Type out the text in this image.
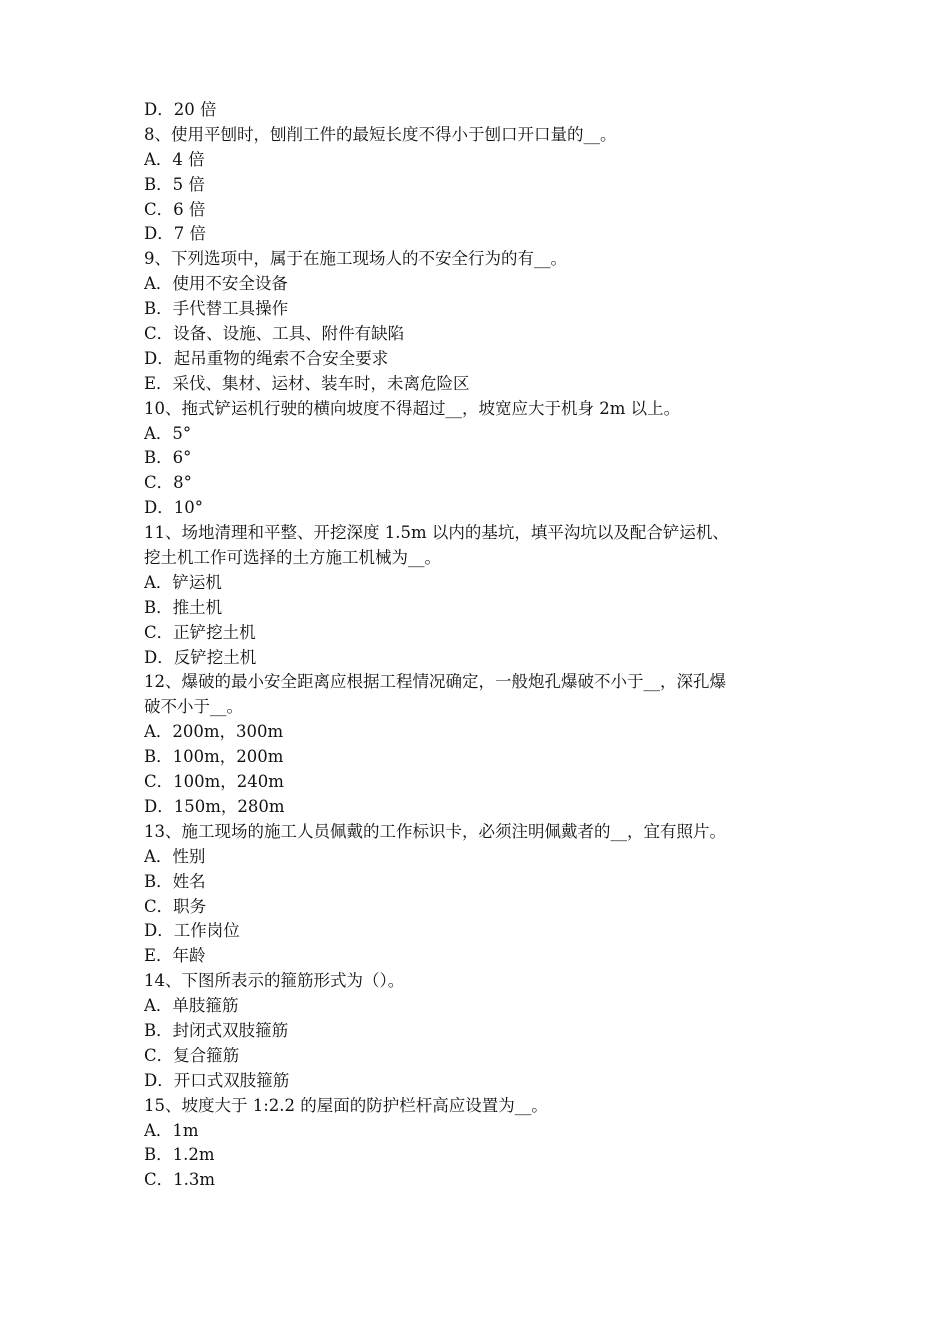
D．20 倍
8、使用平刨时，刨削工件的最短长度不得小于刨口开口量的__。
A．4 倍
B．5 倍
C．6 倍
D．7 倍
9、下列选项中，属于在施工现场人的不安全行为的有__。
A．使用不安全设备
B．手代替工具操作
C．设备、设施、工具、附件有缺陷
D．起吊重物的绳索不合安全要求
E．采伐、集材、运材、装车时，未离危险区
10、拖式铲运机行驶的横向坡度不得超过__，坡宽应大于机身 2m 以上。
A．5°
B．6°
C．8°
D．10°
11、场地清理和平整、开挖深度 1.5m 以内的基坑，填平沟坑以及配合铲运机、
挖土机工作可选择的土方施工机械为__。
A．铲运机
B．推土机
C．正铲挖土机
D．反铲挖土机
12、爆破的最小安全距离应根据工程情况确定，一般炮孔爆破不小于__，深孔爆
破不小于__。
A．200m，300m
B．100m，200m
C．100m，240m
D．150m，280m
13、施工现场的施工人员佩戴的工作标识卡，必须注明佩戴者的__，宜有照片。
A．性别
B．姓名
C．职务
D．工作岗位
E．年龄
14、下图所表示的箍筋形式为（）。
A．单肢箍筋
B．封闭式双肢箍筋
C．复合箍筋
D．开口式双肢箍筋
15、坡度大于 1:2.2 的屋面的防护栏杆高应设置为__。
A．1m
B．1.2m
C．1.3m
